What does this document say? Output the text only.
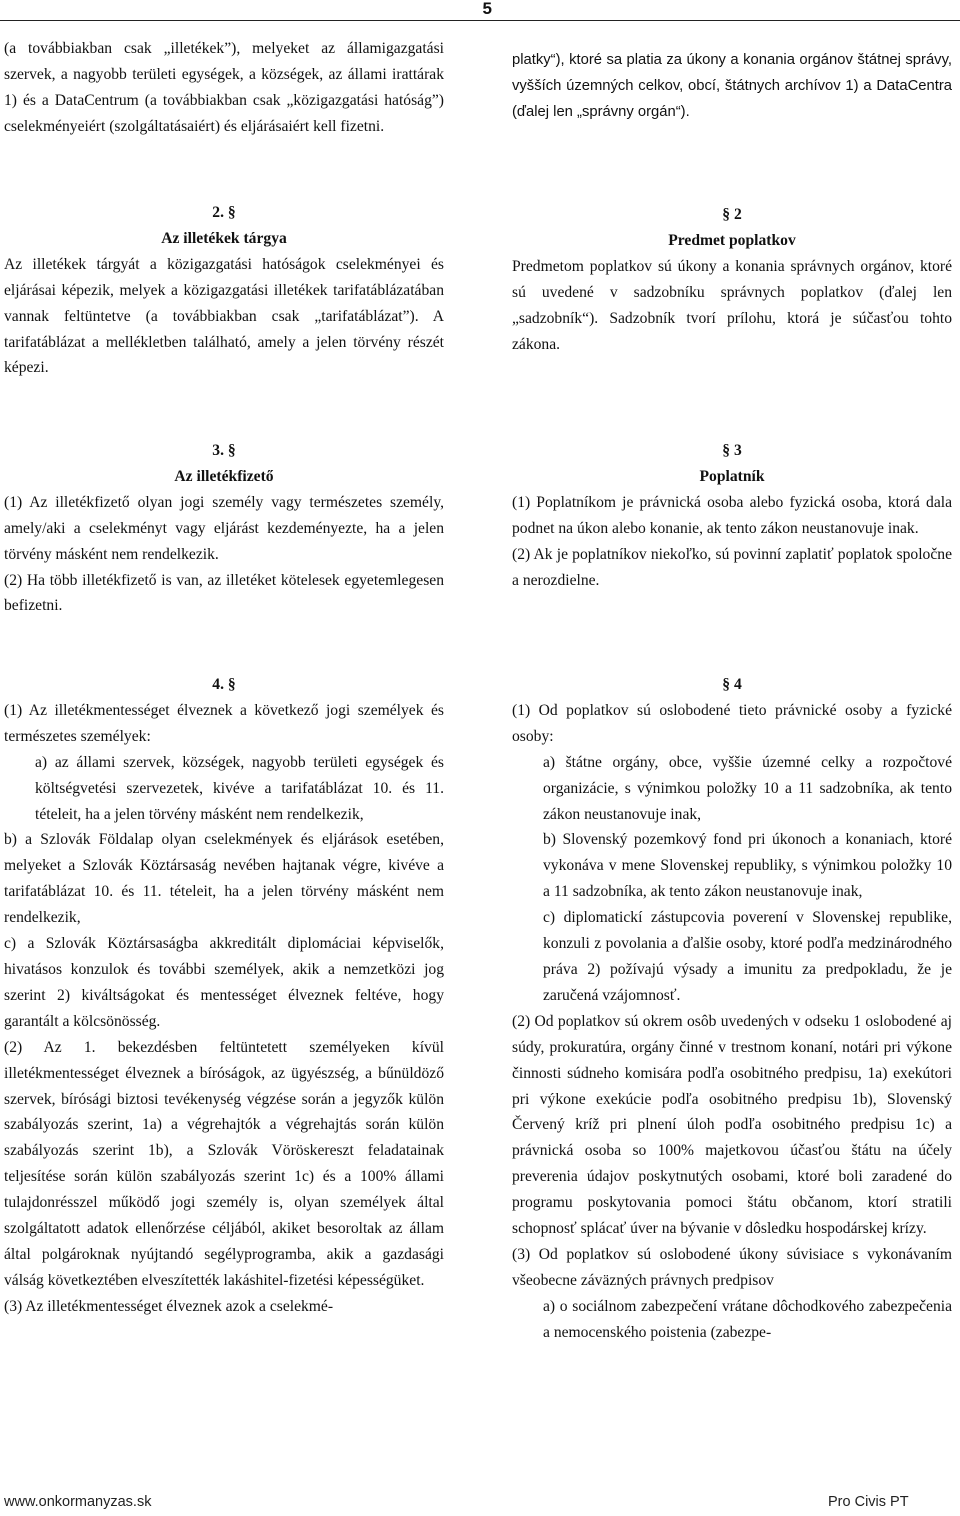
5

(a továbbiakban csak „illetékek”), melyeket az államigazgatási szervek, a nagyobb területi egységek, a községek, az állami irattárak 1) és a DataCentrum (a továbbiakban csak „közigazgatási hatóság”) cselekményeiért (szolgáltatásaiért) és eljárásaiért kell fizetni.

2. §

Az illetékek tárgya

Az illetékek tárgyát a közigazgatási hatóságok cselekményei és eljárásai képezik, melyek a közigazgatási illetékek tarifatáblázatában vannak feltüntetve (a továbbiakban csak „tarifatáblázat”). A tarifatáblázat a mellékletben található, amely a jelen törvény részét képezi.

3. §

Az illetékfizető

(1) Az illetékfizető olyan jogi személy vagy természetes személy, amely/aki a cselekményt vagy eljárást kezdeményezte, ha a jelen törvény másként nem rendelkezik.

(2) Ha több illetékfizető is van, az illetéket kötelesek egyetemlegesen befizetni.

4. §

(1) Az illetékmentességet élveznek a következő jogi személyek és természetes személyek:

a) az állami szervek, községek, nagyobb területi egységek és költségvetési szervezetek, kivéve a tarifatáblázat 10. és 11. tételeit, ha a jelen törvény másként nem rendelkezik,

b) a Szlovák Földalap olyan cselekmények és eljárások esetében, melyeket a Szlovák Köztársaság nevében hajtanak végre, kivéve a tarifatáblázat 10. és 11. tételeit, ha a jelen törvény másként nem rendelkezik,

c) a Szlovák Köztársaságba akkreditált diplomáciai képviselők, hivatásos konzulok és további személyek, akik a nemzetközi jog szerint 2) kiváltságokat és mentességet élveznek feltéve, hogy garantált a kölcsönösség.

(2) Az 1. bekezdésben feltüntetett személyeken kívül illetékmentességet élveznek a bíróságok, az ügyészség, a bűnüldöző szervek, bírósági biztosi tevékenység végzése során a jegyzők külön szabályozás szerint, 1a) a végrehajtók a végrehajtás során külön szabályozás szerint 1b), a Szlovák Vöröskereszt feladatainak teljesítése során külön szabályozás szerint 1c) és a 100% állami tulajdonrésszel működő jogi személy is, olyan személyek által szolgáltatott adatok ellenőrzése céljából, akiket besoroltak az állam által polgároknak nyújtandó segélyprogramba, akik a gazdasági válság következtében elveszítették lakáshitel-fizetési képességüket.

(3) Az illetékmentességet élveznek azok a cselekmé-

platky“), ktoré sa platia za úkony a konania orgánov štátnej správy, vyšších územných celkov, obcí, štátnych archívov 1) a DataCentra (ďalej len „správny orgán“).

§ 2

Predmet poplatkov

Predmetom poplatkov sú úkony a konania správnych orgánov, ktoré sú uvedené v sadzobníku správnych poplatkov (ďalej len „sadzobník“). Sadzobník tvorí prílohu, ktorá je súčasťou tohto zákona.

§ 3

Poplatník

(1) Poplatníkom je právnická osoba alebo fyzická osoba, ktorá dala podnet na úkon alebo konanie, ak tento zákon neustanovuje inak.

(2) Ak je poplatníkov niekoľko, sú povinní zaplatiť poplatok spoločne a nerozdielne.

§ 4

(1) Od poplatkov sú oslobodené tieto právnické osoby a fyzické osoby:

a) štátne orgány, obce, vyššie územné celky a rozpočtové organizácie, s výnimkou položky 10 a 11 sadzobníka, ak tento zákon neustanovuje inak,

b) Slovenský pozemkový fond pri úkonoch a konaniach, ktoré vykonáva v mene Slovenskej republiky, s výnimkou položky 10 a 11 sadzobníka, ak tento zákon neustanovuje inak,

c) diplomatickí zástupcovia poverení v Slovenskej republike, konzuli z povolania a ďalšie osoby, ktoré podľa medzinárodného práva 2) požívajú výsady a imunitu za predpokladu, že je zaručená vzájomnosť.

(2) Od poplatkov sú okrem osôb uvedených v odseku 1 oslobodené aj súdy, prokuratúra, orgány činné v trestnom konaní, notári pri výkone činnosti súdneho komisára podľa osobitného predpisu, 1a) exekútori pri výkone exekúcie podľa osobitného predpisu 1b), Slovenský Červený kríž pri plnení úloh podľa osobitného predpisu 1c) a právnická osoba so 100% majetkovou účasťou štátu na účely preverenia údajov poskytnutých osobami, ktoré boli zaradené do programu poskytovania pomoci štátu občanom, ktorí stratili schopnosť splácať úver na bývanie v dôsledku hospodárskej krízy.

(3) Od poplatkov sú oslobodené úkony súvisiace s vykonávaním všeobecne záväzných právnych predpisov

a) o sociálnom zabezpečení vrátane dôchodkového zabezpečenia a nemocenského poistenia (zabezpe-

www.onkormanyzas.sk	Pro Civis PT
